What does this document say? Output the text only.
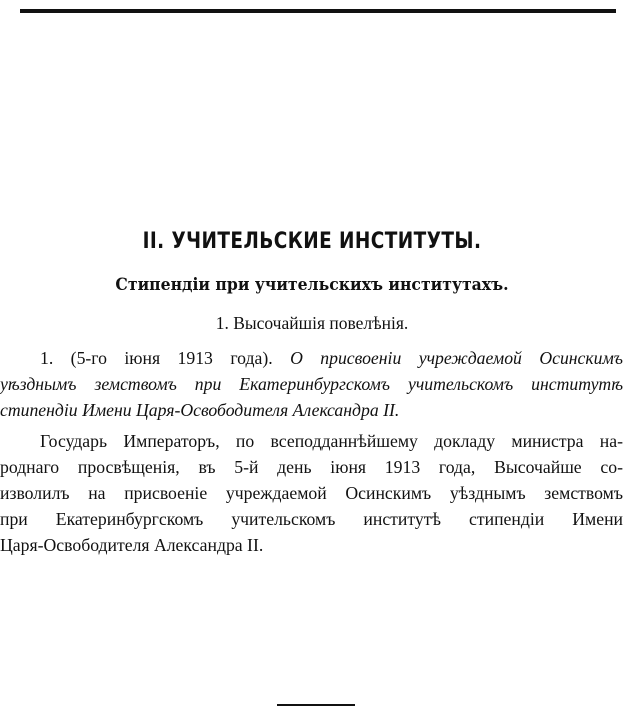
II. УЧИТЕЛЬСКИЕ ИНСТИТУТЫ.
Стипендiи при учительскихъ институтахъ.
1. Высочайшiя повелѣнiя.
1. (5-го iюня 1913 года). О присвоенiи учреждаемой Осинскимъ
уѣзднымъ земствомъ при Екатеринбургскомъ учительскомъ институтѣ
стипендiи Имени Царя-Освободителя Александра II.
Государь Императоръ, по всеподданнѣйшему докладу министра на-
роднаго просвѣщенiя, въ 5-й день iюня 1913 года, Высочайше со-
изволилъ на присвоенiе учреждаемой Осинскимъ уѣзднымъ земствомъ
при Екатеринбургскомъ учительскомъ институтѣ стипендiи Имени
Царя-Освободителя Александра II.
